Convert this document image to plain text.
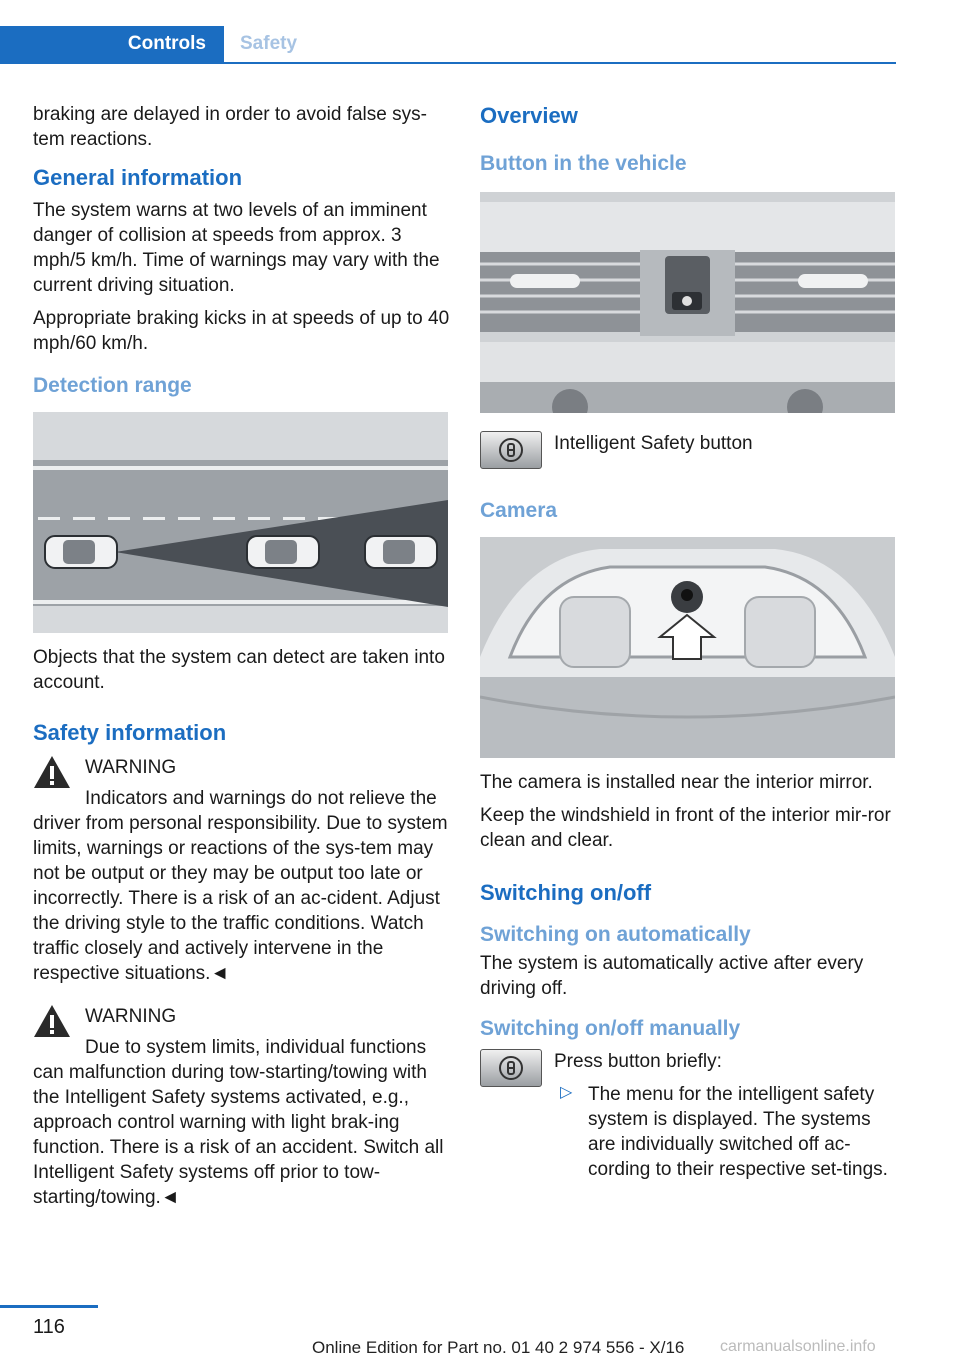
Controls	Safety

braking are delayed in order to avoid false sys-
tem reactions.

General information

The system warns at two levels of an imminent danger of collision at speeds from approx. 3 mph/5 km/h. Time of warnings may vary with the current driving situation.

Appropriate braking kicks in at speeds of up to 40 mph/60 km/h.

Detection range

Objects that the system can detect are taken into account.

Safety information

WARNING

Indicators and warnings do not relieve the driver from personal responsibility. Due to system limits, warnings or reactions of the sys-tem may not be output or they may be output too late or incorrectly. There is a risk of an ac-cident. Adjust the driving style to the traffic conditions. Watch traffic closely and actively intervene in the respective situations.◄

WARNING

Due to system limits, individual functions can malfunction during tow-starting/towing with the Intelligent Safety systems activated, e.g., approach control warning with light brak-ing function. There is a risk of an accident. Switch all Intelligent Safety systems off prior to tow-starting/towing.◄

Overview
Button in the vehicle

Intelligent Safety button

Camera

The camera is installed near the interior mirror.

Keep the windshield in front of the interior mir-ror clean and clear.

Switching on/off
Switching on automatically

The system is automatically active after every driving off.

Switching on/off manually

Press button briefly:

▷ The menu for the intelligent safety system is displayed. The systems are individually switched off ac-cording to their respective set-tings.

116
Online Edition for Part no. 01 40 2 974 556 - X/16 carmanualsonline.info
